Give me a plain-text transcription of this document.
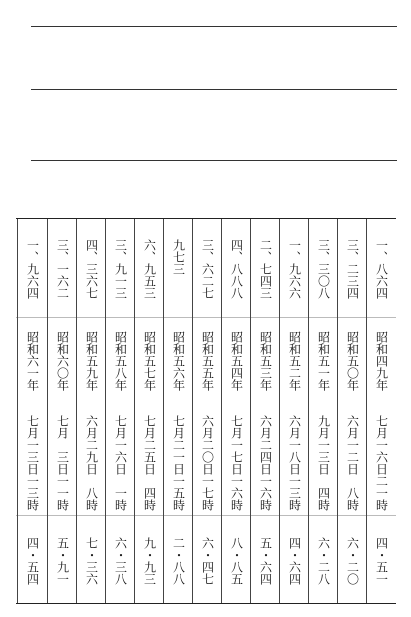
一、八六四
昭和四九年
七月一六日二一時
四・五一
三、二三四
昭和五〇年
六月一二日　八時
六・二〇
三、三〇八
昭和五一年
九月一三日　四時
六・二八
一、九六六
昭和五二年
六月一八日一三時
四・六四
二、七四三
昭和五三年
六月二四日一六時
五・六四
四、八八八
昭和五四年
七月一七日一六時
八・八五
三、六二七
昭和五五年
六月二〇日一七時
六・四七
九七三
昭和五六年
七月二一日一五時
二・八八
六、九五三
昭和五七年
七月二五日　四時
九・九三
三、九一三
昭和五八年
七月一六日　一時
六・三八
四、三六七
昭和五九年
六月二九日　八時
七・三六
三、一六二
昭和六〇年
七月　三日一一時
五・九一
一、九六四
昭和六一年
七月一三日一三時
四・五四
